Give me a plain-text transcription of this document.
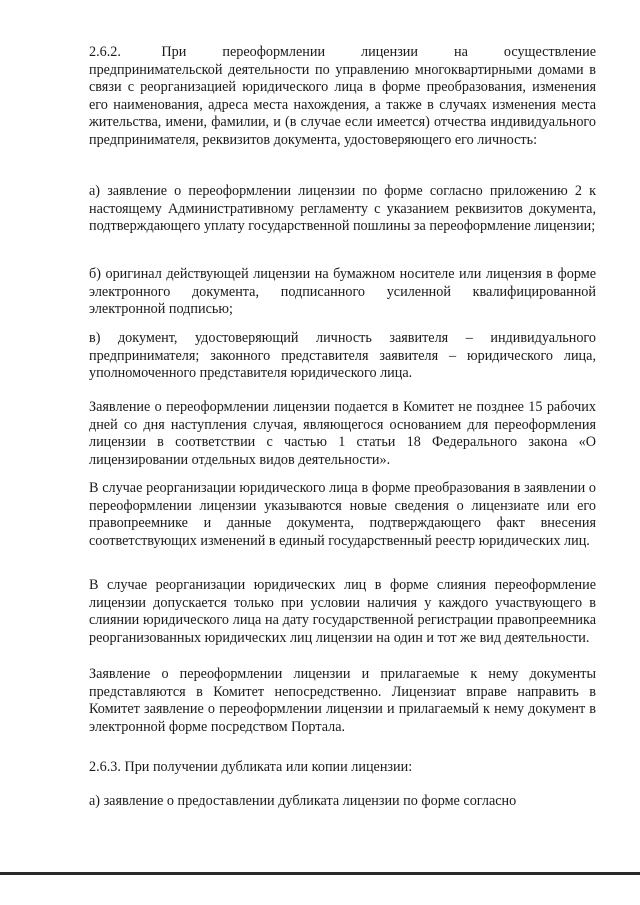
2.6.2.         При        переоформлении        лицензии        на        осуществление предпринимательской деятельности по управлению многоквартирными домами в связи с реорганизацией юридического лица в форме преобразования, изменения его наименования, адреса места нахождения, а также в случаях изменения места жительства, имени, фамилии, и (в случае если имеется) отчества индивидуального предпринимателя, реквизитов документа, удостоверяющего его личность:

а) заявление о переоформлении лицензии по форме согласно приложению 2 к настоящему Административному регламенту с указанием реквизитов документа, подтверждающего уплату государственной пошлины за переоформление лицензии;

б) оригинал действующей лицензии на бумажном носителе или лицензия в форме электронного документа, подписанного усиленной квалифицированной электронной подписью;

в) документ, удостоверяющий личность заявителя – индивидуального предпринимателя; законного представителя заявителя – юридического лица, уполномоченного представителя юридического лица.

Заявление о переоформлении лицензии подается в Комитет не позднее 15 рабочих дней со дня наступления случая, являющегося основанием для переоформления лицензии в соответствии с частью 1 статьи 18 Федерального закона «О лицензировании отдельных видов деятельности».

В случае реорганизации юридического лица в форме преобразования в заявлении о переоформлении лицензии указываются новые сведения о лицензиате или его правопреемнике и данные документа, подтверждающего факт внесения соответствующих изменений в единый государственный реестр юридических лиц.

В случае реорганизации юридических лиц в форме слияния переоформление лицензии допускается только при условии наличия у каждого участвующего в слиянии юридического лица на дату государственной регистрации правопреемника реорганизованных юридических лиц лицензии на один и тот же вид деятельности.

Заявление о переоформлении лицензии и прилагаемые к нему документы представляются в Комитет непосредственно. Лицензиат вправе направить в Комитет заявление о переоформлении лицензии и прилагаемый к нему документ в электронной форме посредством Портала.

2.6.3. При получении дубликата или копии лицензии:

а) заявление о предоставлении дубликата лицензии по форме согласно
